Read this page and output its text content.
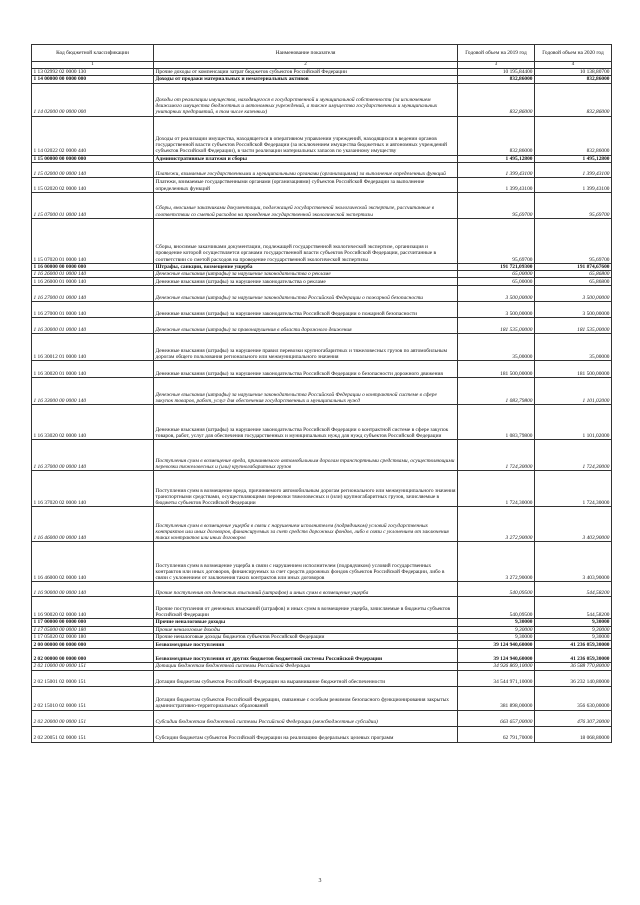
Код бюджетной классификации	Наименование показателя	Годовой объем на 2019 год	Годовой объем на 2020 год
1	2	3	4
1 13 02992 02 0000 130	Прочие доходы от компенсации затрат бюджетов субъектов Российской Федерации	10 195,84400	10 138,80700
1 14 00000 00 0000 000	Доходы от продажи материальных и нематериальных активов	832,86000	832,86000
1 14 02000 00 0000 000	Доходы от реализации имущества, находящегося в государственной и муниципальной собственности (за исключением движимого имущества бюджетных и автономных учреждений, а также имущества государственных и муниципальных унитарных предприятий, в том числе казенных)	832,86000	832,86000
1 14 02022 02 0000 440	Доходы от реализации имущества, находящегося в оперативном управлении учреждений, находящихся в ведении органов государственной власти субъектов Российской Федерации (за исключением имущества бюджетных и автономных учреждений субъектов Российской Федерации), в части реализации материальных запасов по указанному имуществу	832,86000	832,86000
1 15 00000 00 0000 000	Административные платежи и сборы	1 495,12800	1 495,12800
1 15 02000 00 0000 140	Платежи, взимаемые государственными и муниципальными органами (организациями) за выполнение определенных функций	1 399,43100	1 399,43100
1 15 02020 02 0000 140	Платежи, взимаемые государственными органами (организациями) субъектов Российской Федерации за выполнение определенных функций	1 399,43100	1 399,43100
1 15 07000 01 0000 140	Сборы, вносимые заказчиками документации, подлежащей государственной экологической экспертизе, рассчитанные в соответствии со сметой расходов на проведение государственной экологической экспертизы	95,69700	95,69700
1 15 07020 01 0000 140	Сборы, вносимые заказчиками документации, подлежащей государственной экологической экспертизе, организация и проведение которой осуществляется органами государственной власти субъектов Российской Федерации, рассчитанные в соответствии со сметой расходов на проведение государственной экологической экспертизы	95,69700	95,69700
1 16 00000 00 0000 000	Штрафы, санкции, возмещение ущерба	191 721,09300	191 874,67600
1 16 26000 01 0000 140	Денежные взыскания (штрафы) за нарушение законодательства о рекламе	65,00000	65,86800
1 16 26000 01 0000 140	Денежные взыскания (штрафы) за нарушение законодательства о рекламе	65,00000	65,86800
1 16 27000 01 0000 140	Денежные взыскания (штрафы) за нарушение законодательства Российской Федерации о пожарной безопасности	3 500,00000	3 500,00000
1 16 27000 01 0000 140	Денежные взыскания (штрафы) за нарушение законодательства Российской Федерации о пожарной безопасности	3 500,00000	3 500,00000
1 16 30000 01 0000 140	Денежные взыскания (штрафы) за правонарушения в области дорожного движения	181 535,00000	181 535,00000
1 16 30012 01 0000 140	Денежные взыскания (штрафы) за нарушение правил перевозки крупногабаритных и тяжеловесных грузов по автомобильным дорогам общего пользования регионального или межмуниципального значения	35,00000	35,00000
1 16 30020 01 0000 140	Денежные взыскания (штрафы) за нарушение законодательства Российской Федерации о безопасности дорожного движения	181 500,00000	181 500,00000
1 16 33000 00 0000 140	Денежные взыскания (штрафы) за нарушение законодательства Российской Федерации о контрактной системе в сфере закупок товаров, работ, услуг для обеспечения государственных и муниципальных нужд	1 083,79800	1 101,02000
1 16 33020 02 0000 140	Денежные взыскания (штрафы) за нарушение законодательства Российской Федерации о контрактной системе в сфере закупок товаров, работ, услуг для обеспечения государственных и муниципальных нужд для нужд субъектов Российской Федерации	1 083,79800	1 101,02000
1 16 37000 00 0000 140	Поступления сумм в возмещение вреда, причиняемого автомобильным дорогам транспортными средствами, осуществляющими перевозки тяжеловесных и (или) крупногабаритных грузов	1 724,30000	1 724,30000
1 16 37020 02 0000 140	Поступления сумм в возмещение вреда, причиняемого автомобильным дорогам регионального или межмуниципального значения транспортными средствами, осуществляющими перевозки тяжеловесных и (или) крупногабаритных грузов, зачисляемые в бюджеты субъектов Российской Федерации	1 724,30000	1 724,30000
1 16 46000 00 0000 140	Поступления сумм в возмещение ущерба в связи с нарушением исполнителем (подрядчиком) условий государственных контрактов или иных договоров, финансируемых за счет средств дорожных фондов, либо в связи с уклонением от заключения таких контрактов или иных договоров	3 272,90000	3 403,90000
1 16 46000 02 0000 140	Поступления сумм в возмещение ущерба в связи с нарушением исполнителем (подрядчиком) условий государственных контрактов или иных договоров, финансируемых за счет средств дорожных фондов субъектов Российской Федерации, либо в связи с уклонением от заключения таких контрактов или иных договоров	3 272,90000	3 403,90000
1 16 90000 00 0000 140	Прочие поступления от денежных взысканий (штрафов) и иных сумм в возмещение ущерба	540,09500	544,58200
1 16 90020 02 0000 140	Прочие поступления от денежных взысканий (штрафов) и иных сумм в возмещение ущерба, зачисляемые в бюджеты субъектов Российской Федерации	540,09500	544,58200
1 17 00000 00 0000 000	Прочие неналоговые доходы	9,30000	9,30000
1 17 05000 00 0000 180	Прочие неналоговые доходы	9,30000	9,30000
1 17 05020 02 0000 180	Прочие неналоговые доходы бюджетов субъектов Российской Федерации	9,30000	9,30000
2 00 00000 00 0000 000	Безвозмездные поступления	39 124 940,60000	41 236 059,30000
2 02 00000 00 0000 000	Безвозмездные поступления от других бюджетов бюджетной системы Российской Федерации	39 124 940,60000	41 236 059,30000
2 02 10000 00 0000 151	Дотации бюджетам бюджетной системы Российской Федерации	34 926 869,10000	36 588 770,80000
2 02 15001 02 0000 151	Дотации бюджетам субъектов Российской Федерации на выравнивание бюджетной обеспеченности	34 544 971,10000	36 232 140,80000
2 02 15010 02 0000 151	Дотации бюджетам субъектов Российской Федерации, связанные с особым режимом безопасного функционирования закрытых административно-территориальных образований	381 898,00000	356 630,00000
2 02 20000 00 0000 151	Субсидии бюджетам бюджетной системы Российской Федерации (межбюджетные субсидии)	663 657,00000	476 307,30000
2 02 20051 02 0000 151	Субсидии бюджетам субъектов Российской Федерации на реализацию федеральных целевых программ	62 791,70000	18 068,80000
3
